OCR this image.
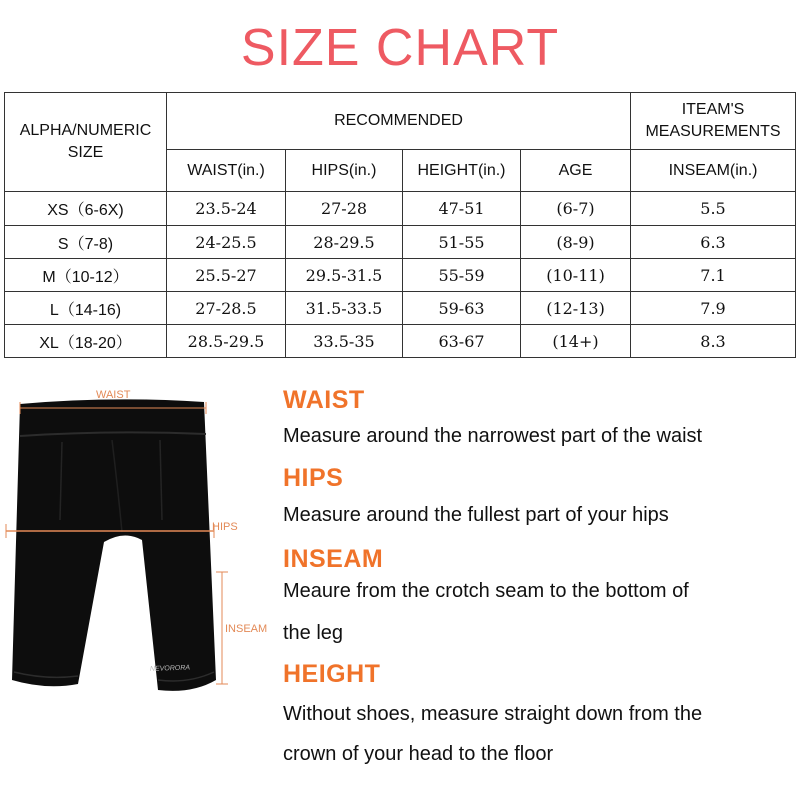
SIZE CHART
ALPHA/NUMERIC SIZE	RECOMMENDED				ITEAM'S MEASUREMENTS
	WAIST(in.)	HIPS(in.)	HEIGHT(in.)	AGE	INSEAM(in.)
XS（6-6X)	23.5-24	27-28	47-51	(6-7)	5.5
S（7-8)	24-25.5	28-29.5	51-55	(8-9)	6.3
M（10-12）	25.5-27	29.5-31.5	55-59	(10-11)	7.1
L（14-16)	27-28.5	31.5-33.5	59-63	(12-13)	7.9
XL（18-20）	28.5-29.5	33.5-35	63-67	(14+)	8.3
NEVORORA
WAIST
HIPS
INSEAM
WAIST
Measure around the narrowest part of the waist
HIPS
Measure around the fullest part of your hips
INSEAM
Meaure from the crotch seam to the bottom of
the leg
HEIGHT
Without shoes, measure straight down from the
crown of your head to the floor
